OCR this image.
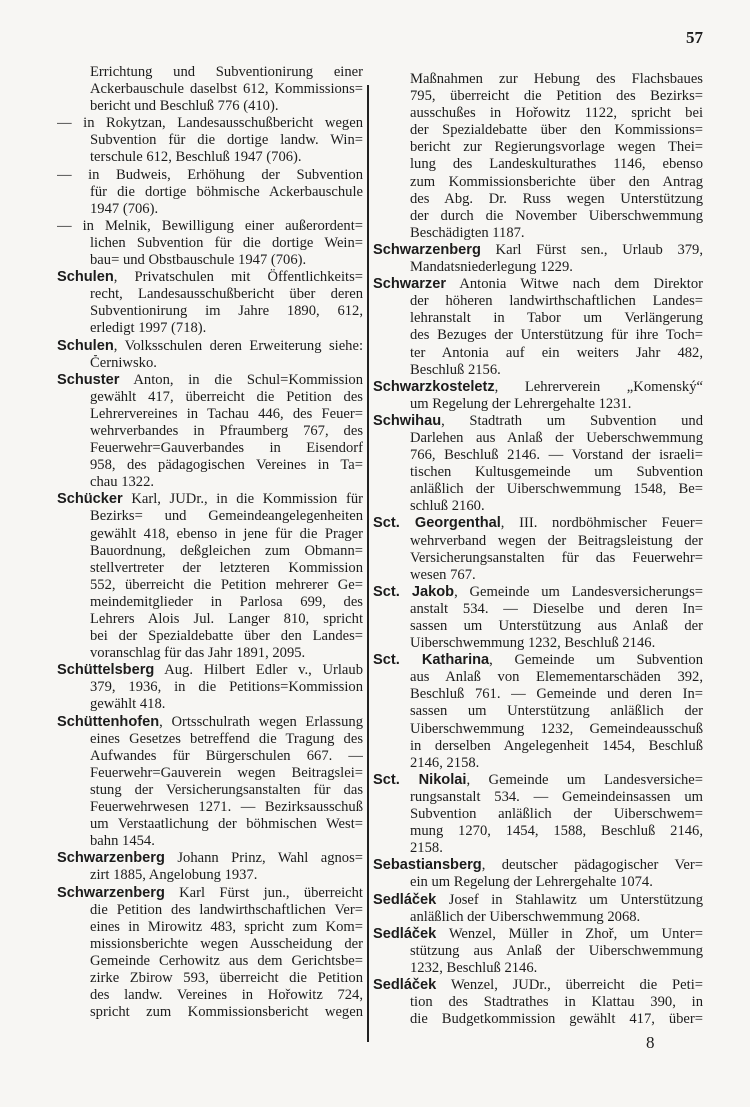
57
Errichtung und Subventionirung einer
Ackerbauschule daselbst 612, Kommissions=
bericht und Beschluß 776 (410).
— in Rokytzan, Landesausschußbericht wegen
Subvention für die dortige landw. Win=
terschule 612, Beschluß 1947 (706).
— in Budweis, Erhöhung der Subvention
für die dortige böhmische Ackerbauschule
1947 (706).
— in Melnik, Bewilligung einer außerordent=
lichen Subvention für die dortige Wein=
bau= und Obstbauschule 1947 (706).
Schulen, Privatschulen mit Öffentlichkeits=
recht, Landesausschußbericht über deren
Subventionirung im Jahre 1890, 612,
erledigt 1997 (718).
Schulen, Volksschulen deren Erweiterung siehe:
Černiwsko.
Schuster Anton, in die Schul=Kommission
gewählt 417, überreicht die Petition des
Lehrervereines in Tachau 446, des Feuer=
wehrverbandes in Pfraumberg 767, des
Feuerwehr=Gauverbandes in Eisendorf
958, des pädagogischen Vereines in Ta=
chau 1322.
Schücker Karl, JUDr., in die Kommission für
Bezirks= und Gemeindeangelegenheiten
gewählt 418, ebenso in jene für die Prager
Bauordnung, deßgleichen zum Obmann=
stellvertreter der letzteren Kommission
552, überreicht die Petition mehrerer Ge=
meindemitglieder in Parlosa 699, des
Lehrers Alois Jul. Langer 810, spricht
bei der Spezialdebatte über den Landes=
voranschlag für das Jahr 1891, 2095.
Schüttelsberg Aug. Hilbert Edler v., Urlaub
379, 1936, in die Petitions=Kommission
gewählt 418.
Schüttenhofen, Ortsschulrath wegen Erlassung
eines Gesetzes betreffend die Tragung des
Aufwandes für Bürgerschulen 667. —
Feuerwehr=Gauverein wegen Beitragslei=
stung der Versicherungsanstalten für das
Feuerwehrwesen 1271. — Bezirksausschuß
um Verstaatlichung der böhmischen West=
bahn 1454.
Schwarzenberg Johann Prinz, Wahl agnos=
zirt 1885, Angelobung 1937.
Schwarzenberg Karl Fürst jun., überreicht
die Petition des landwirthschaftlichen Ver=
eines in Mirowitz 483, spricht zum Kom=
missionsberichte wegen Ausscheidung der
Gemeinde Cerhowitz aus dem Gerichtsbe=
zirke Zbirow 593, überreicht die Petition
des landw. Vereines in Hořowitz 724,
spricht zum Kommissionsbericht wegen
Maßnahmen zur Hebung des Flachsbaues
795, überreicht die Petition des Bezirks=
ausschußes in Hořowitz 1122, spricht bei
der Spezialdebatte über den Kommissions=
bericht zur Regierungsvorlage wegen Thei=
lung des Landeskulturathes 1146, ebenso
zum Kommissionsberichte über den Antrag
des Abg. Dr. Russ wegen Unterstützung
der durch die November Uiberschwemmung
Beschädigten 1187.
Schwarzenberg Karl Fürst sen., Urlaub 379,
Mandatsniederlegung 1229.
Schwarzer Antonia Witwe nach dem Direktor
der höheren landwirthschaftlichen Landes=
lehranstalt in Tabor um Verlängerung
des Bezuges der Unterstützung für ihre Toch=
ter Antonia auf ein weiters Jahr 482,
Beschluß 2156.
Schwarzkosteletz, Lehrerverein „Komenský“
um Regelung der Lehrergehalte 1231.
Schwihau, Stadtrath um Subvention und
Darlehen aus Anlaß der Ueberschwemmung
766, Beschluß 2146. — Vorstand der israeli=
tischen Kultusgemeinde um Subvention
anläßlich der Uiberschwemmung 1548, Be=
schluß 2160.
Sct. Georgenthal, III. nordböhmischer Feuer=
wehrverband wegen der Beitragsleistung der
Versicherungsanstalten für das Feuerwehr=
wesen 767.
Sct. Jakob, Gemeinde um Landesversicherungs=
anstalt 534. — Dieselbe und deren In=
sassen um Unterstützung aus Anlaß der
Uiberschwemmung 1232, Beschluß 2146.
Sct. Katharina, Gemeinde um Subvention
aus Anlaß von Elemementarschäden 392,
Beschluß 761. — Gemeinde und deren In=
sassen um Unterstützung anläßlich der
Uiberschwemmung 1232, Gemeindeausschuß
in derselben Angelegenheit 1454, Beschluß
2146, 2158.
Sct. Nikolai, Gemeinde um Landesversiche=
rungsanstalt 534. — Gemeindeinsassen um
Subvention anläßlich der Uiberschwem=
mung 1270, 1454, 1588, Beschluß 2146,
2158.
Sebastiansberg, deutscher pädagogischer Ver=
ein um Regelung der Lehrergehalte 1074.
Sedláček Josef in Stahlawitz um Unterstützung
anläßlich der Uiberschwemmung 2068.
Sedláček Wenzel, Müller in Zhoř, um Unter=
stützung aus Anlaß der Uiberschwemmung
1232, Beschluß 2146.
Sedláček Wenzel, JUDr., überreicht die Peti=
tion des Stadtrathes in Klattau 390, in
die Budgetkommission gewählt 417, über=
8
